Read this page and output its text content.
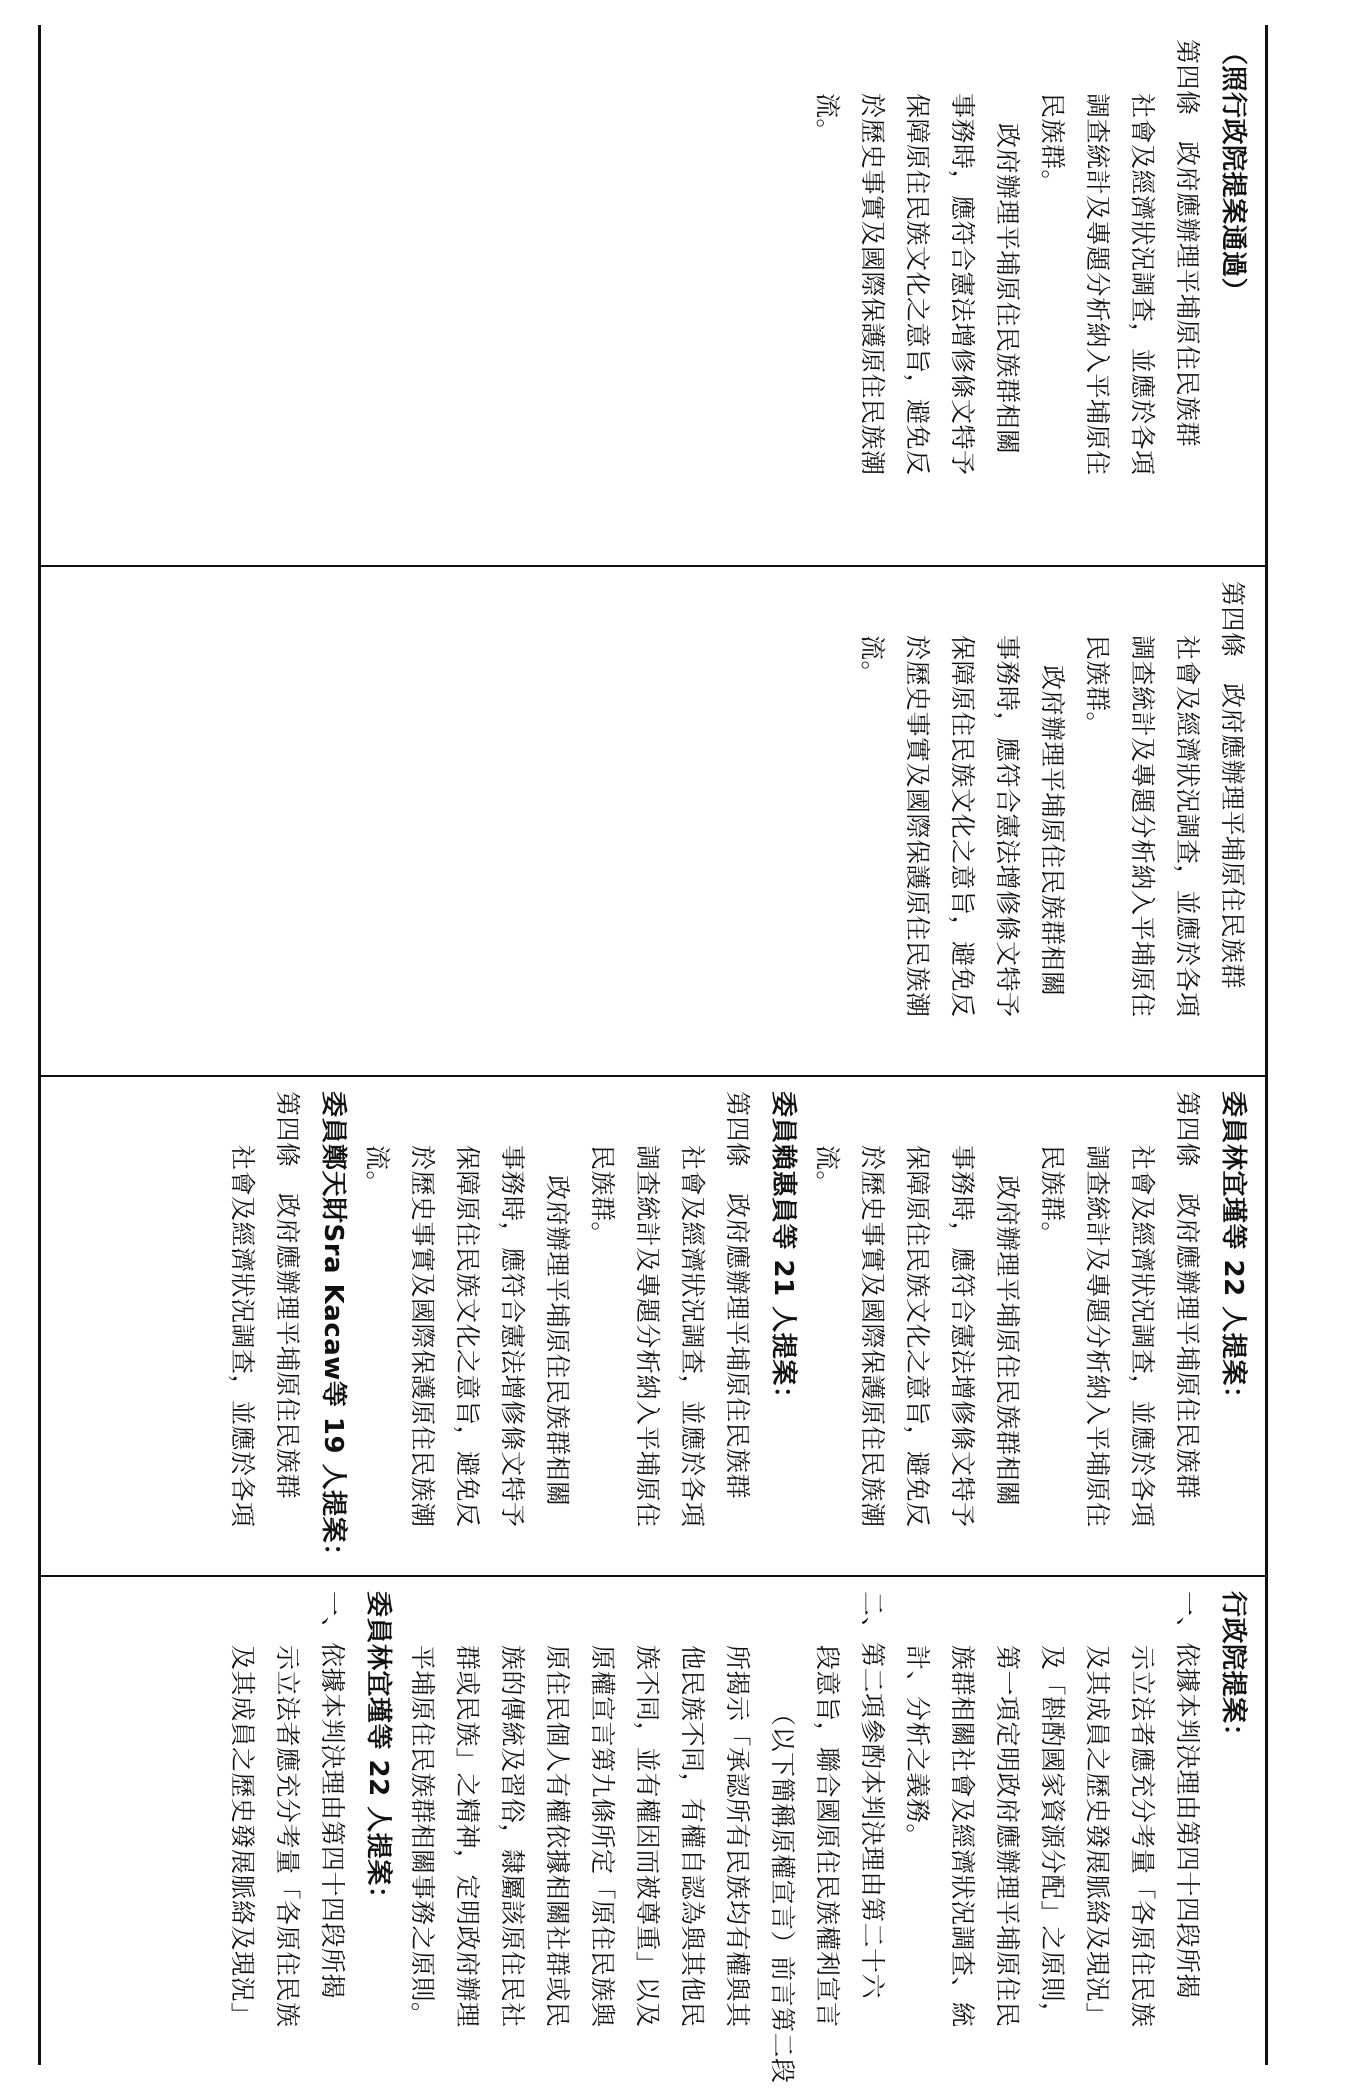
（照行政院提案通過）
第四條　政府應辦理平埔原住民族群
社會及經濟狀況調查，並應於各項
調查統計及專題分析納入平埔原住
民族群。
政府辦理平埔原住民族群相關
事務時，應符合憲法增修條文特予
保障原住民族文化之意旨，避免反
於歷史事實及國際保護原住民族潮
流。
第四條　政府應辦理平埔原住民族群
社會及經濟狀況調查，並應於各項
調查統計及專題分析納入平埔原住
民族群。
政府辦理平埔原住民族群相關
事務時，應符合憲法增修條文特予
保障原住民族文化之意旨，避免反
於歷史事實及國際保護原住民族潮
流。
委員林宜瑾等 22 人提案：
第四條　政府應辦理平埔原住民族群
社會及經濟狀況調查，並應於各項
調查統計及專題分析納入平埔原住
民族群。
政府辦理平埔原住民族群相關
事務時，應符合憲法增修條文特予
保障原住民族文化之意旨，避免反
於歷史事實及國際保護原住民族潮
流。
委員賴惠員等 21 人提案：
第四條　政府應辦理平埔原住民族群
社會及經濟狀況調查，並應於各項
調查統計及專題分析納入平埔原住
民族群。
政府辦理平埔原住民族群相關
事務時，應符合憲法增修條文特予
保障原住民族文化之意旨，避免反
於歷史事實及國際保護原住民族潮
流。
委員鄭天財Sra Kacaw等 19 人提案：
第四條　政府應辦理平埔原住民族群
社會及經濟狀況調查，並應於各項
行政院提案：
一、依據本判決理由第四十四段所揭
示立法者應充分考量「各原住民族
及其成員之歷史發展脈絡及現況」
及「斟酌國家資源分配」之原則，
第一項定明政府應辦理平埔原住民
族群相關社會及經濟狀況調查、統
計、分析之義務。
二、第二項參酌本判決理由第二十六
段意旨，聯合國原住民族權利宣言
（以下簡稱原權宣言）前言第二段
所揭示「承認所有民族均有權與其
他民族不同，有權自認為與其他民
族不同，並有權因而被尊重」以及
原權宣言第九條所定「原住民族與
原住民個人有權依據相關社群或民
族的傳統及習俗，隸屬該原住民社
群或民族」之精神，定明政府辦理
平埔原住民族群相關事務之原則。
委員林宜瑾等 22 人提案：
一、依據本判決理由第四十四段所揭
示立法者應充分考量「各原住民族
及其成員之歷史發展脈絡及現況」
